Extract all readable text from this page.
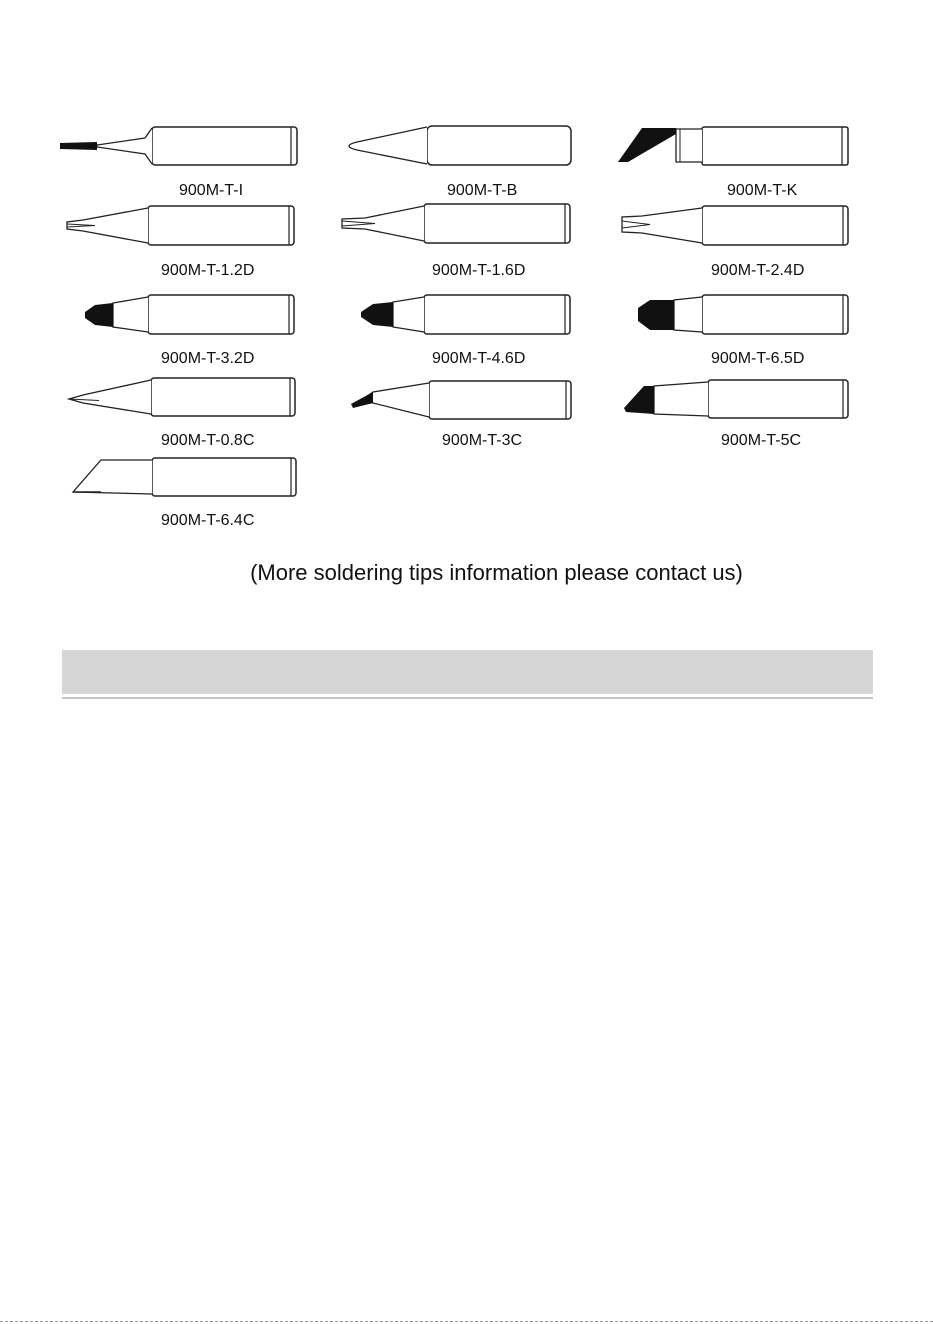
900M-T-I	900M-T-B	900M-T-K
900M-T-1.2D	900M-T-1.6D	900M-T-2.4D
900M-T-3.2D	900M-T-4.6D	900M-T-6.5D
900M-T-0.8C	900M-T-3C	900M-T-5C
900M-T-6.4C
(More soldering tips information please contact us)
